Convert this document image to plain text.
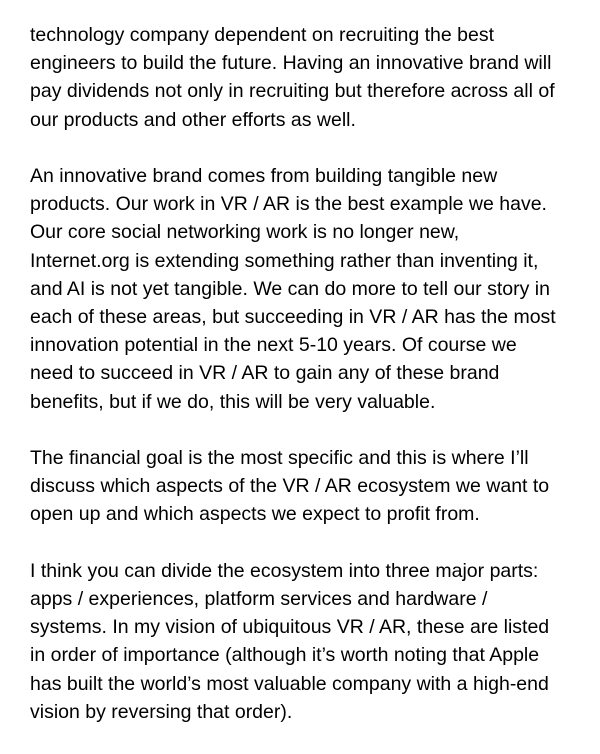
technology company dependent on recruiting the best
engineers to build the future. Having an innovative brand will
pay dividends not only in recruiting but therefore across all of
our products and other efforts as well.

An innovative brand comes from building tangible new
products. Our work in VR / AR is the best example we have.
Our core social networking work is no longer new,
Internet.org is extending something rather than inventing it,
and AI is not yet tangible. We can do more to tell our story in
each of these areas, but succeeding in VR / AR has the most
innovation potential in the next 5-10 years. Of course we
need to succeed in VR / AR to gain any of these brand
benefits, but if we do, this will be very valuable.

The financial goal is the most specific and this is where I’ll
discuss which aspects of the VR / AR ecosystem we want to
open up and which aspects we expect to profit from.

I think you can divide the ecosystem into three major parts:
apps / experiences, platform services and hardware /
systems. In my vision of ubiquitous VR / AR, these are listed
in order of importance (although it’s worth noting that Apple
has built the world’s most valuable company with a high-end
vision by reversing that order).
